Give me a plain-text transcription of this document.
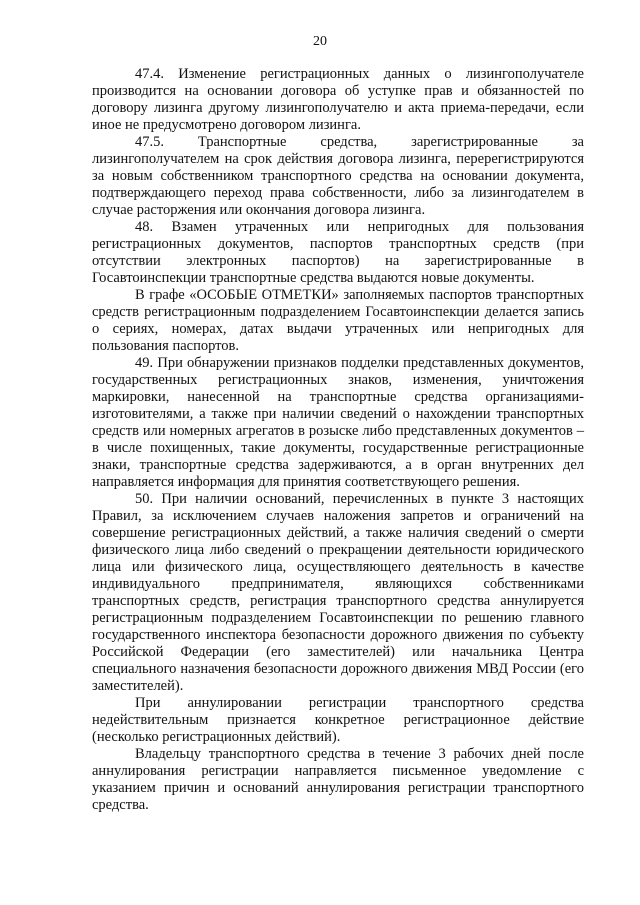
20

47.4. Изменение регистрационных данных о лизингополучателе производится на основании договора об уступке прав и обязанностей по договору лизинга другому лизингополучателю и акта приема-передачи, если иное не предусмотрено договором лизинга.

47.5. Транспортные средства, зарегистрированные за лизингополучателем на срок действия договора лизинга, перерегистрируются за новым собственником транспортного средства на основании документа, подтверждающего переход права собственности, либо за лизингодателем в случае расторжения или окончания договора лизинга.

48. Взамен утраченных или непригодных для пользования регистрационных документов, паспортов транспортных средств (при отсутствии электронных паспортов) на зарегистрированные в Госавтоинспекции транспортные средства выдаются новые документы.

В графе «ОСОБЫЕ ОТМЕТКИ» заполняемых паспортов транспортных средств регистрационным подразделением Госавтоинспекции делается запись о сериях, номерах, датах выдачи утраченных или непригодных для пользования паспортов.

49. При обнаружении признаков подделки представленных документов, государственных регистрационных знаков, изменения, уничтожения маркировки, нанесенной на транспортные средства организациями-изготовителями, а также при наличии сведений о нахождении транспортных средств или номерных агрегатов в розыске либо представленных документов – в числе похищенных, такие документы, государственные регистрационные знаки, транспортные средства задерживаются, а в орган внутренних дел направляется информация для принятия соответствующего решения.

50. При наличии оснований, перечисленных в пункте 3 настоящих Правил, за исключением случаев наложения запретов и ограничений на совершение регистрационных действий, а также наличия сведений о смерти физического лица либо сведений о прекращении деятельности юридического лица или физического лица, осуществляющего деятельность в качестве индивидуального предпринимателя, являющихся собственниками транспортных средств, регистрация транспортного средства аннулируется регистрационным подразделением Госавтоинспекции по решению главного государственного инспектора безопасности дорожного движения по субъекту Российской Федерации (его заместителей) или начальника Центра специального назначения безопасности дорожного движения МВД России (его заместителей).

При аннулировании регистрации транспортного средства недействительным признается конкретное регистрационное действие (несколько регистрационных действий).

Владельцу транспортного средства в течение 3 рабочих дней после аннулирования регистрации направляется письменное уведомление с указанием причин и оснований аннулирования регистрации транспортного средства.
